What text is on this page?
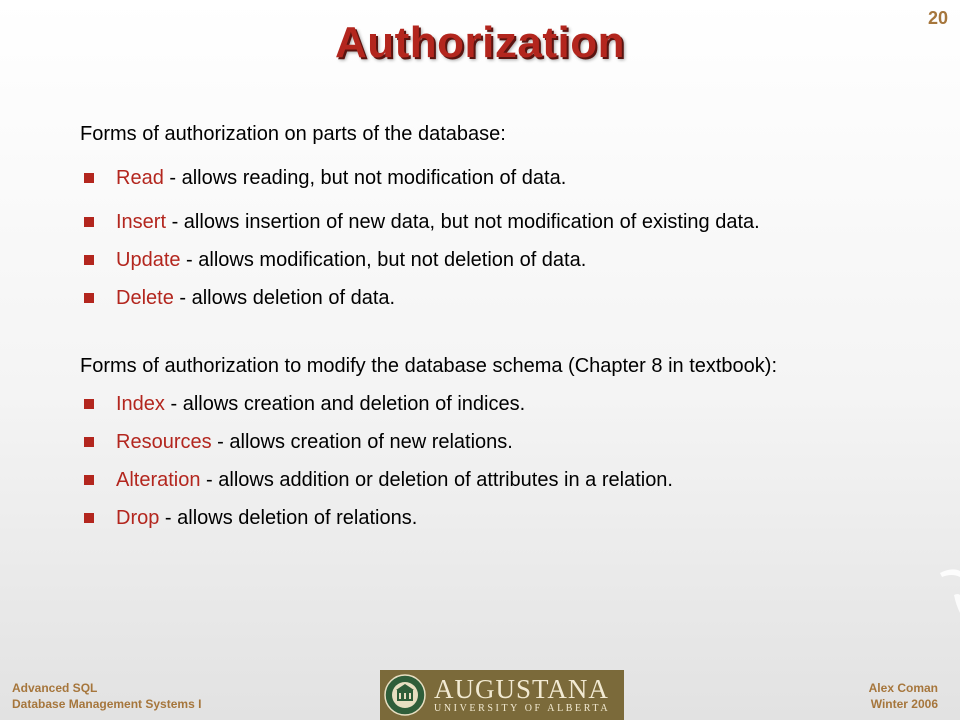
20
Authorization

Forms of authorization on parts of the database:

Read - allows reading, but not modification of data.
Insert - allows insertion of new data, but not modification of existing data.
Update - allows modification, but not deletion of data.
Delete - allows deletion of data.

Forms of authorization to modify the database schema (Chapter 8 in textbook):

Index - allows creation and deletion of indices.
Resources - allows creation of new relations.
Alteration - allows addition or deletion of attributes in a relation.
Drop - allows deletion of relations.
Advanced SQL
Database Management Systems I	AUGUSTANA
UNIVERSITY OF ALBERTA
Alex Coman
Winter 2006
